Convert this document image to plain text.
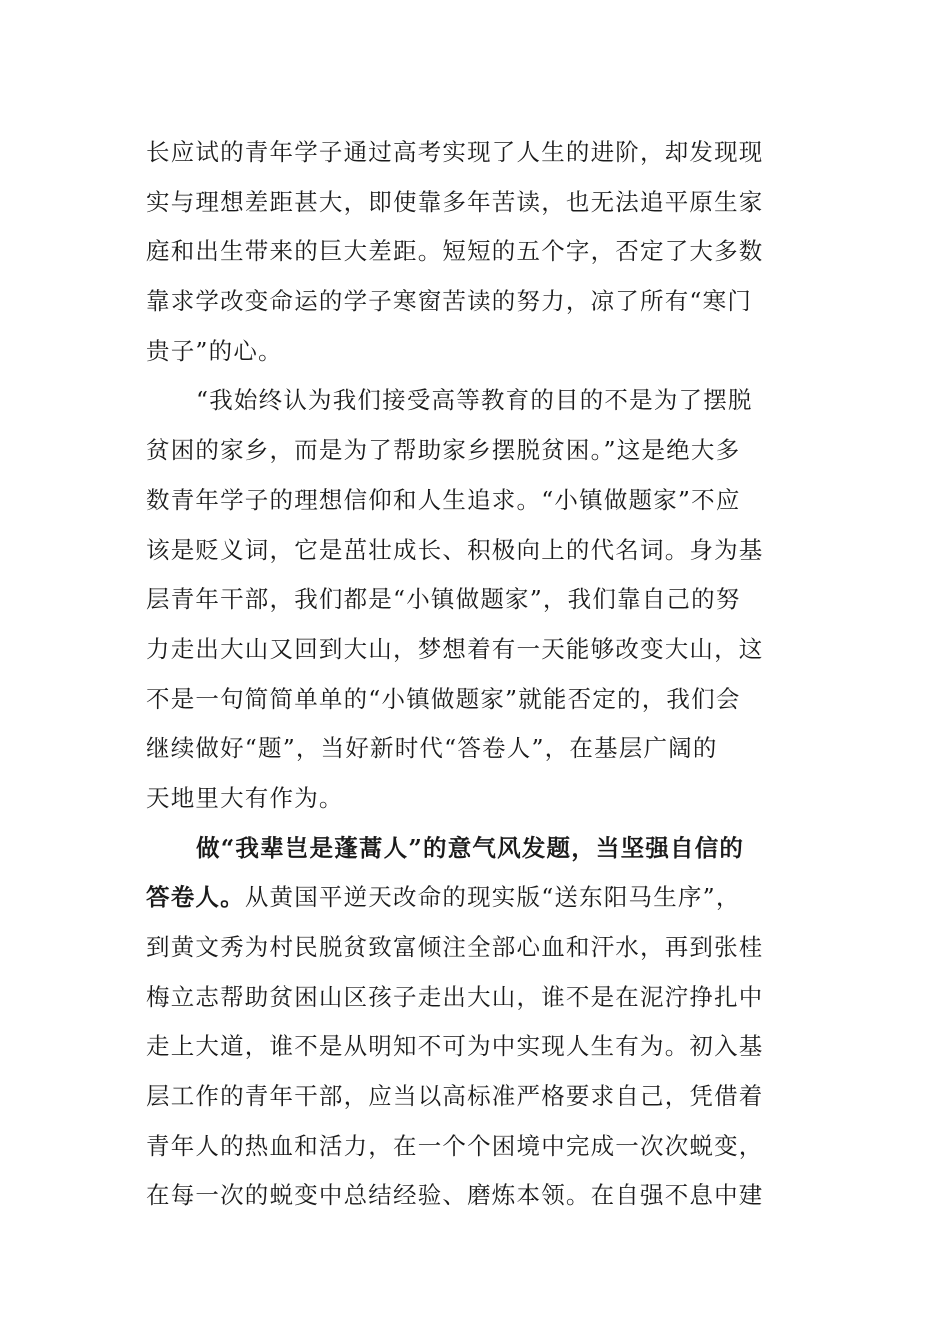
长应试的青年学子通过高考实现了人生的进阶，却发现现
实与理想差距甚大，即使靠多年苦读，也无法追平原生家
庭和出生带来的巨大差距。短短的五个字，否定了大多数
靠求学改变命运的学子寒窗苦读的努力，凉了所有“寒门
贵子”的心。
“我始终认为我们接受高等教育的目的不是为了摆脱
贫困的家乡，而是为了帮助家乡摆脱贫困。”这是绝大多
数青年学子的理想信仰和人生追求。“小镇做题家”不应
该是贬义词，它是茁壮成长、积极向上的代名词。身为基
层青年干部，我们都是“小镇做题家”，我们靠自己的努
力走出大山又回到大山，梦想着有一天能够改变大山，这
不是一句简简单单的“小镇做题家”就能否定的，我们会
继续做好“题”，当好新时代“答卷人”，在基层广阔的
天地里大有作为。
做“我辈岂是蓬蒿人”的意气风发题，当坚强自信的
答卷人。从黄国平逆天改命的现实版“送东阳马生序”，
到黄文秀为村民脱贫致富倾注全部心血和汗水，再到张桂
梅立志帮助贫困山区孩子走出大山，谁不是在泥泞挣扎中
走上大道，谁不是从明知不可为中实现人生有为。初入基
层工作的青年干部，应当以高标准严格要求自己，凭借着
青年人的热血和活力，在一个个困境中完成一次次蜕变，
在每一次的蜕变中总结经验、磨炼本领。在自强不息中建
